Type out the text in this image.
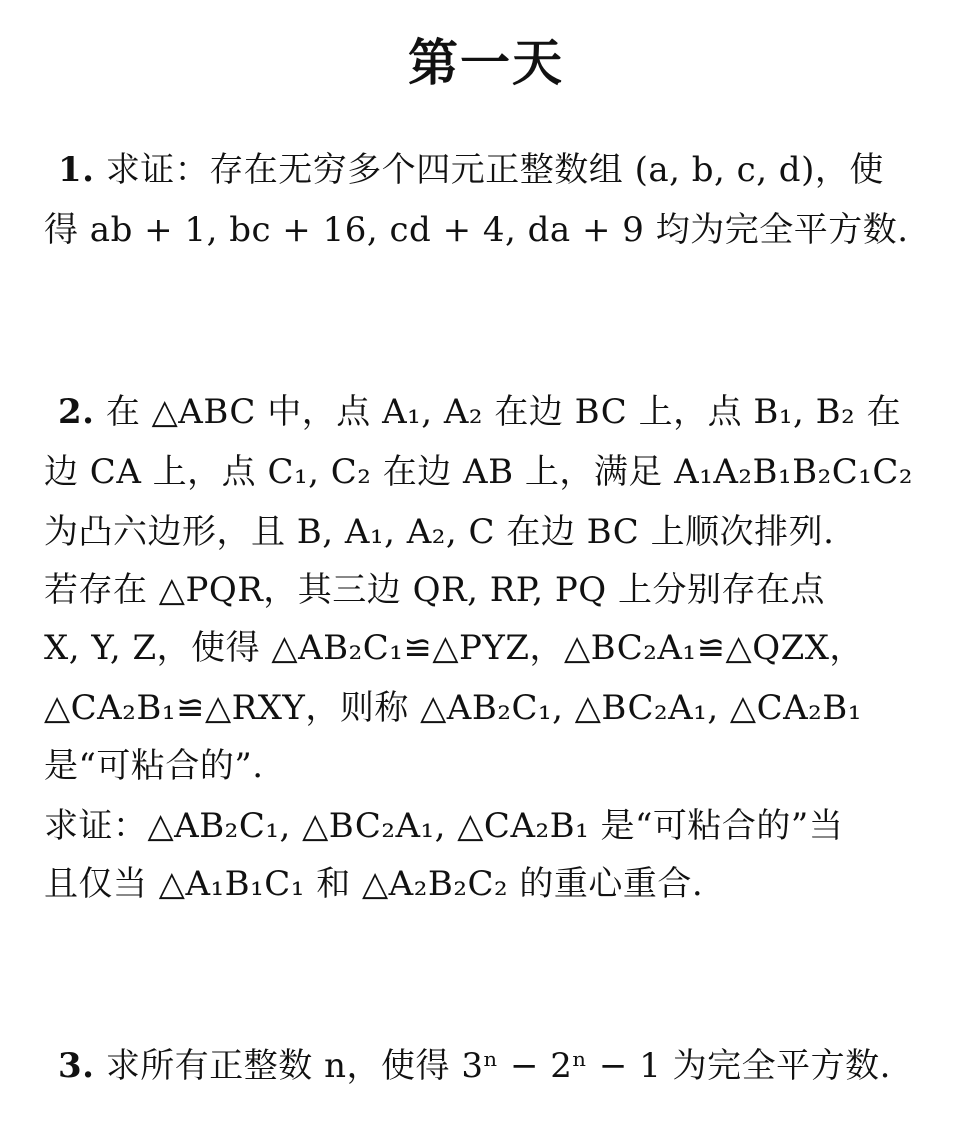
第一天
1. 求证：存在无穷多个四元正整数组 (a, b, c, d)，使
得 ab + 1, bc + 16, cd + 4, da + 9 均为完全平方数.
2. 在 △ABC 中，点 A₁, A₂ 在边 BC 上，点 B₁, B₂ 在
边 CA 上，点 C₁, C₂ 在边 AB 上，满足 A₁A₂B₁B₂C₁C₂
为凸六边形，且 B, A₁, A₂, C 在边 BC 上顺次排列.
若存在 △PQR，其三边 QR, RP, PQ 上分别存在点
X, Y, Z，使得 △AB₂C₁≌△PYZ，△BC₂A₁≌△QZX，
△CA₂B₁≌△RXY，则称 △AB₂C₁, △BC₂A₁, △CA₂B₁
是“可粘合的”.
求证：△AB₂C₁, △BC₂A₁, △CA₂B₁ 是“可粘合的”当
且仅当 △A₁B₁C₁ 和 △A₂B₂C₂ 的重心重合.
3. 求所有正整数 n，使得 3ⁿ − 2ⁿ − 1 为完全平方数.
